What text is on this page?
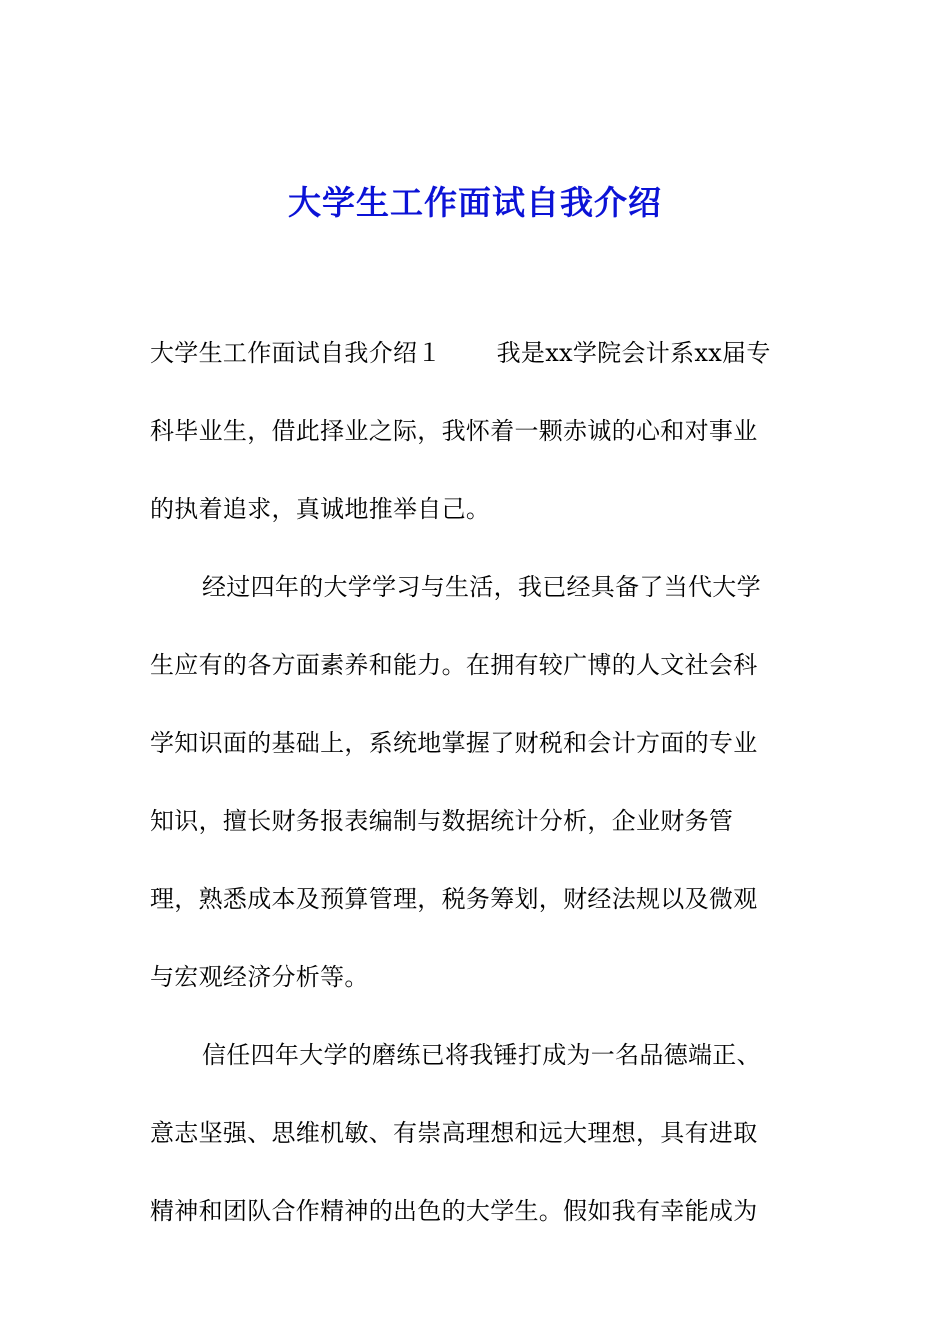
大学生工作面试自我介绍
大学生工作面试自我介绍１ 我是xx学院会计系xx届专
科毕业生，借此择业之际，我怀着一颗赤诚的心和对事业
的执着追求，真诚地推举自己。
经过四年的大学学习与生活，我已经具备了当代大学
生应有的各方面素养和能力。在拥有较广博的人文社会科
学知识面的基础上，系统地掌握了财税和会计方面的专业
知识，擅长财务报表编制与数据统计分析，企业财务管
理，熟悉成本及预算管理，税务筹划，财经法规以及微观
与宏观经济分析等。
信任四年大学的磨练已将我锤打成为一名品德端正、
意志坚强、思维机敏、有崇高理想和远大理想，具有进取
精神和团队合作精神的出色的大学生。假如我有幸能成为
